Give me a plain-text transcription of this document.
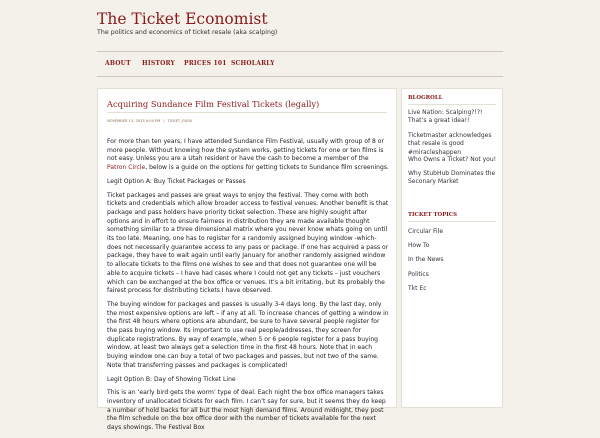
The Ticket Economist
The politics and economics of ticket resale (aka scalping)
ABOUT HISTORY PRICES 101 SCHOLARLY
Acquiring Sundance Film Festival Tickets (legally)
NOVEMBER 13, 2013 9:04 PM \ TICKET_GURU

For more than ten years, I have attended Sundance Film Festival, usually with group of 8 or more people. Without knowing how the system works, getting tickets for one or ten films is not easy. Unless you are a Utah resident or have the cash to become a member of the Patron Circle, below is a guide on the options for getting tickets to Sundance film screenings.

Legit Option A: Buy Ticket Packages or Passes

Ticket packages and passes are great ways to enjoy the festival. They come with both tickets and credentials which allow broader access to festival venues. Another benefit is that package and pass holders have priority ticket selection. These are highly sought after options and in effort to ensure fairness in distribution they are made available thought something similar to a three dimensional matrix where you never know whats going on until its too late. Meaning, one has to register for a randomly assigned buying window -which- does not necessarily guarantee access to any pass or package. If one has acquired a pass or package, they have to wait again until early January for another randomly assigned window to allocate tickets to the films one wishes to see and that does not guarantee one will be able to acquire tickets – I have had cases where I could not get any tickets – just vouchers which can be exchanged at the box office or venues. It’s a bit irritating, but its probably the fairest process for distributing tickets I have observed.

The buying window for packages and passes is usually 3-4 days long. By the last day, only the most expensive options are left – if any at all. To increase chances of getting a window in the first 48 hours where options are abundant, be sure to have several people register for the pass buying window. Its important to use real people/addresses, they screen for duplicate registrations. By way of example, when 5 or 6 people register for a pass buying window, at least two always get a selection time in the first 48 hours. Note that in each buying window one can buy a total of two packages and passes, but not two of the same. Note that transferring passes and packages is complicated!

Legit Option B: Day of Showing Ticket Line

This is an ‘early bird gets the worm’ type of deal. Each night the box office managers takes inventory of unallocated tickets for each film. I can’t say for sure, but it seems they do keep a number of hold backs for all but the most high demand films. Around midnight, they post the film schedule on the box office door with the number of tickets available for the next days showings. The Festival Box

BLOGROLL
Live Nation: Scalping?!?! That’s a great idea!!
Ticketmaster acknowledges that resale is good #miracleshappen
Who Owns a Ticket? Not you!
Why StubHub Dominates the Seconary Market
TICKET TOPICS
Circular File
How To
In the News
Politics
Tkt Ec
